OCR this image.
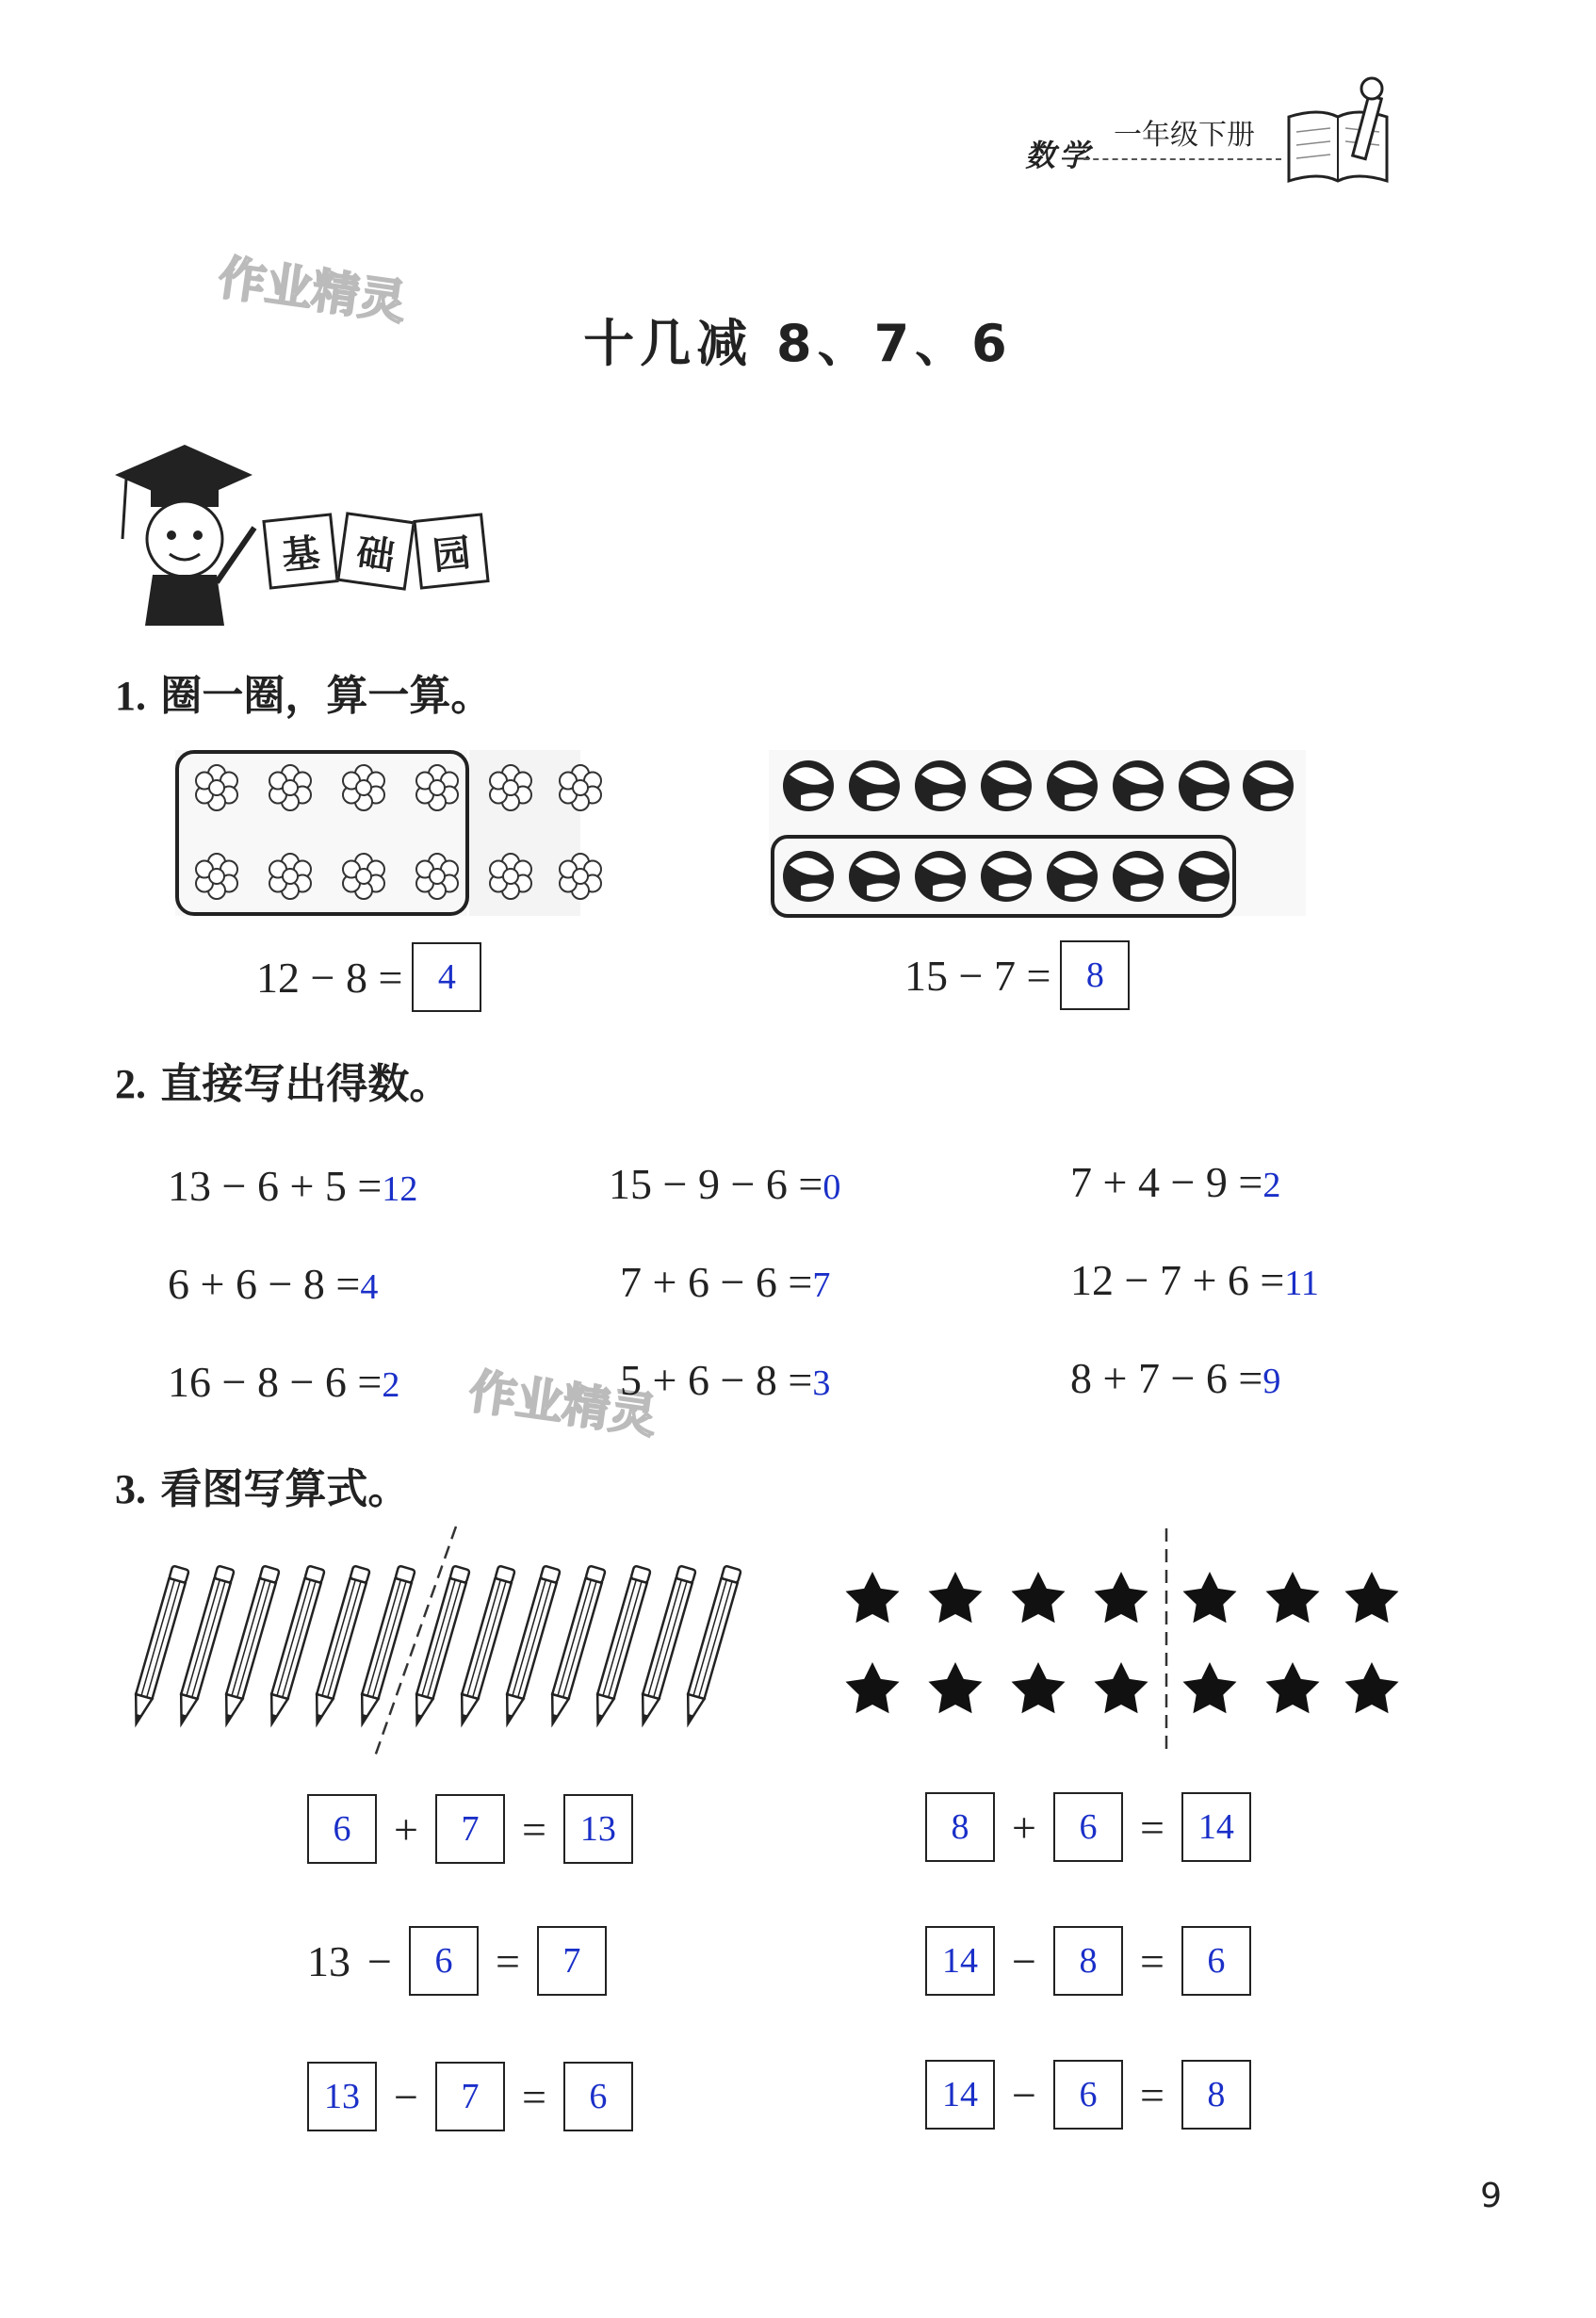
一年级下册
数学
作业精灵
作业精灵
十几减 8、7、6
基 础 园
1. 圈一圈，算一算。
12 − 8 = 4	15 − 7 = 8
2. 直接写出得数。
13 − 6 + 5 =12	15 − 9 − 6 =0	7 + 4 − 9 =2
6 + 6 − 8 =4	7 + 6 − 6 =7	12 − 7 + 6 =11
16 − 8 − 6 =2	5 + 6 − 8 =3	8 + 7 − 6 =9
3. 看图写算式。
6 +	7 = 13
13 −	6 =	7
13 −	7 =	6
8 +	6 = 14
14 −	8 =	6
14 −	6 =	8
9
